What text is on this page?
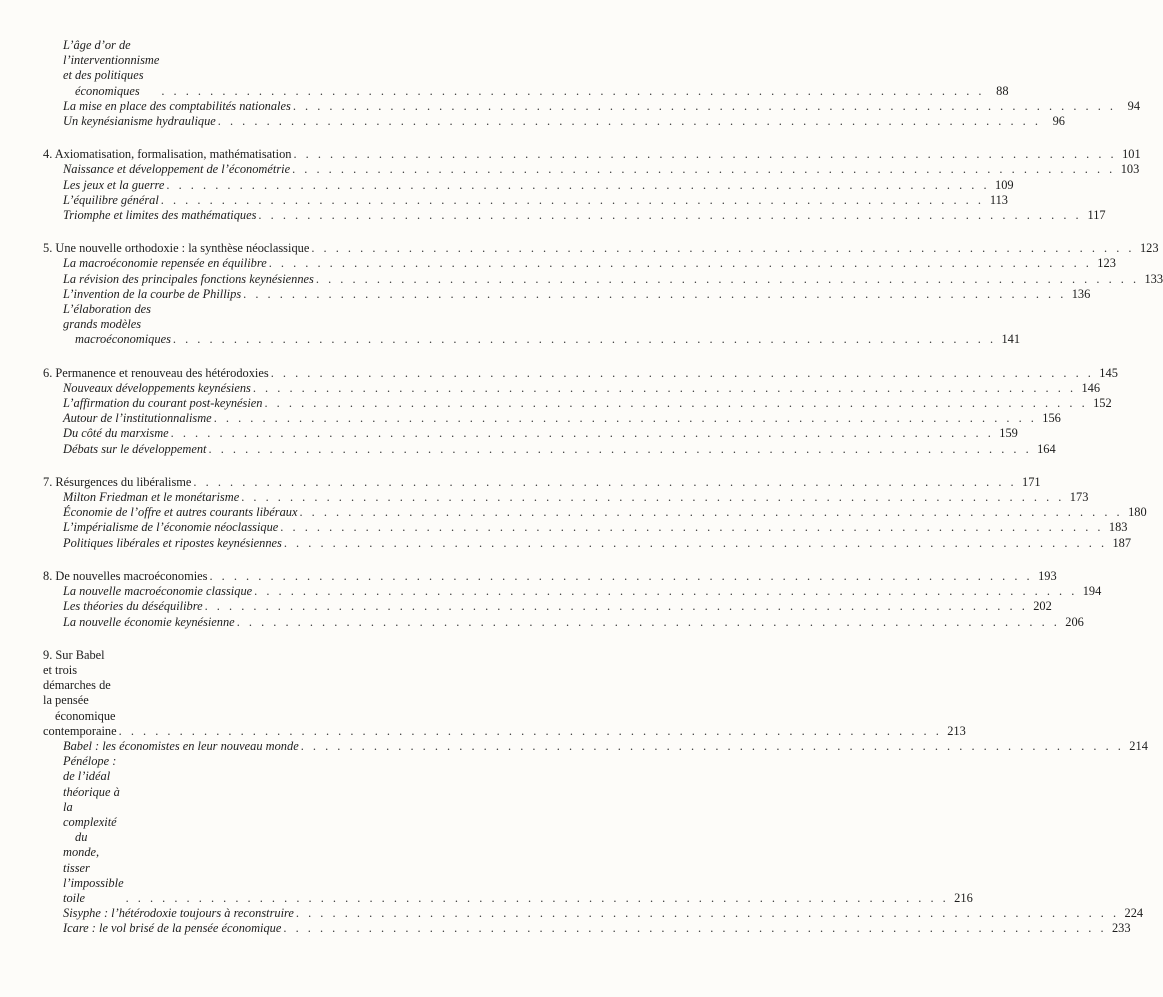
L’âge d’or de l’interventionnisme et des politiques
économiques . . .	88
La mise en place des comptabilités nationales . . .	94
Un keynésianisme hydraulique . . .	96
4. Axiomatisation, formalisation, mathématisation . . .	101
Naissance et développement de l’économétrie . . .	103
Les jeux et la guerre . . .	109
L’équilibre général . . .	113
Triomphe et limites des mathématiques . . .	117
5. Une nouvelle orthodoxie : la synthèse néoclassique . . .	123
La macroéconomie repensée en équilibre . . .	123
La révision des principales fonctions keynésiennes . . .	133
L’invention de la courbe de Phillips . . .	136
L’élaboration des grands modèles
macroéconomiques . . .	141
6. Permanence et renouveau des hétérodoxies . . .	145
Nouveaux développements keynésiens . . .	146
L’affirmation du courant post-keynésien . . .	152
Autour de l’institutionnalisme . . .	156
Du côté du marxisme . . .	159
Débats sur le développement . . .	164
7. Résurgences du libéralisme . . .	171
Milton Friedman et le monétarisme . . .	173
Économie de l’offre et autres courants libéraux . . .	180
L’impérialisme de l’économie néoclassique . . .	183
Politiques libérales et ripostes keynésiennes . . .	187
8. De nouvelles macroéconomies . . .	193
La nouvelle macroéconomie classique . . .	194
Les théories du déséquilibre . . .	202
La nouvelle économie keynésienne . . .	206
9. Sur Babel et trois démarches de la pensée
économique contemporaine . . .	213
Babel : les économistes en leur nouveau monde . . .	214
Pénélope : de l’idéal théorique à la complexité
du monde, tisser l’impossible toile . . .	216
Sisyphe : l’hétérodoxie toujours à reconstruire . . .	224
Icare : le vol brisé de la pensée économique . . .	233
